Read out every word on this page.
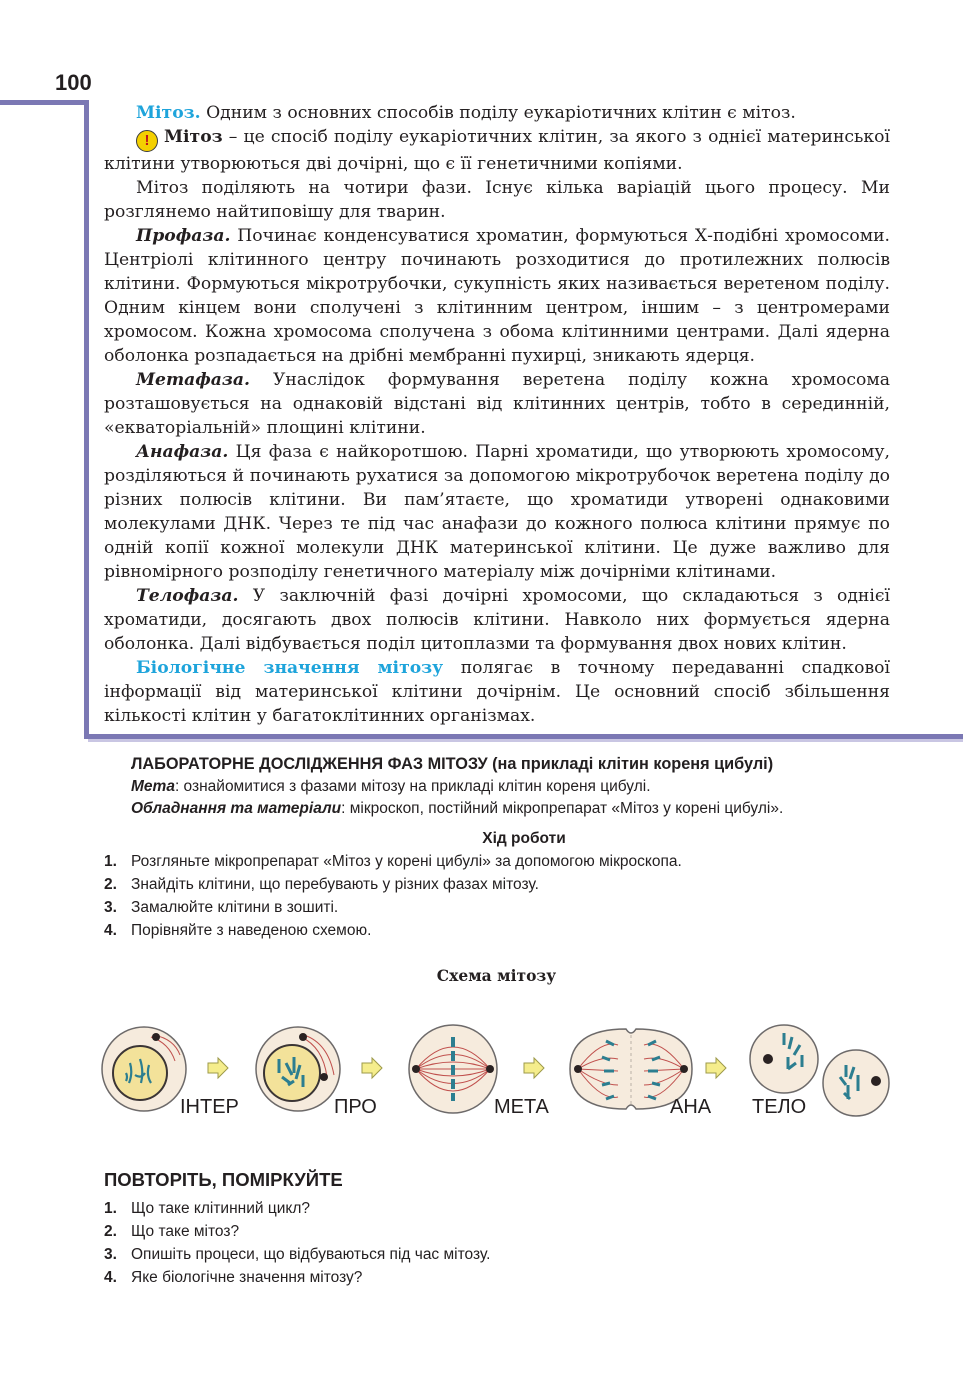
100

Мітоз. Одним з основних способів поділу еукаріотичних клітин є мітоз.

! Мітоз – це спосіб поділу еукаріотичних клітин, за якого з однієї материнської клітини утворюються дві дочірні, що є її генетичними копіями.

Мітоз поділяють на чотири фази. Існує кілька варіацій цього процесу. Ми розглянемо найтиповішу для тварин.

Профаза. Починає конденсуватися хроматин, формуються Х-подібні хромосоми. Центріолі клітинного центру починають розходитися до протилежних полюсів клітини. Формуються мікротрубочки, сукупність яких називається веретеном поділу. Одним кінцем вони сполучені з клітинним центром, іншим – з центромерами хромосом. Кожна хромосома сполучена з обома клітинними центрами. Далі ядерна оболонка розпадається на дрібні мембранні пухирці, зникають ядерця.

Метафаза. Унаслідок формування веретена поділу кожна хромосома розташовується на однаковій відстані від клітинних центрів, тобто в серединній, «екваторіальній» площині клітини.

Анафаза. Ця фаза є найкоротшою. Парні хроматиди, що утворюють хромосому, розділяються й починають рухатися за допомогою мікротрубочок веретена поділу до різних полюсів клітини. Ви пам’ятаєте, що хроматиди утворені однаковими молекулами ДНК. Через те під час анафази до кожного полюса клітини прямує по одній копії кожної молекули ДНК материнської клітини. Це дуже важливо для рівномірного розподілу генетичного матеріалу між дочірніми клітинами.

Телофаза. У заключній фазі дочірні хромосоми, що складаються з однієї хроматиди, досягають двох полюсів клітини. Навколо них формується ядерна оболонка. Далі відбувається поділ цитоплазми та формування двох нових клітин.

Біологічне значення мітозу полягає в точному передаванні спадкової інформації від материнської клітини дочірнім. Це основний спосіб збільшення кількості клітин у багатоклітинних організмах.

ЛАБОРАТОРНЕ ДОСЛІДЖЕННЯ ФАЗ МІТОЗУ (на прикладі клітин кореня цибулі)
Мета: ознайомитися з фазами мітозу на прикладі клітин кореня цибулі.
Обладнання та матеріали: мікроскоп, постійний мікропрепарат «Мітоз у корені цибулі».
Хід роботи
1. Розгляньте мікропрепарат «Мітоз у корені цибулі» за допомогою мікроскопа.
2. Знайдіть клітини, що перебувають у різних фазах мітозу.
3. Замалюйте клітини в зошиті.
4. Порівняйте з наведеною схемою.
Схема мітозу
ІНТЕР	ПРО	МЕТА	АНА ТЕЛО
ПОВТОРІТЬ, ПОМІРКУЙТЕ
1. Що таке клітинний цикл?
2. Що таке мітоз?
3. Опишіть процеси, що відбуваються під час мітозу.
4. Яке біологічне значення мітозу?
